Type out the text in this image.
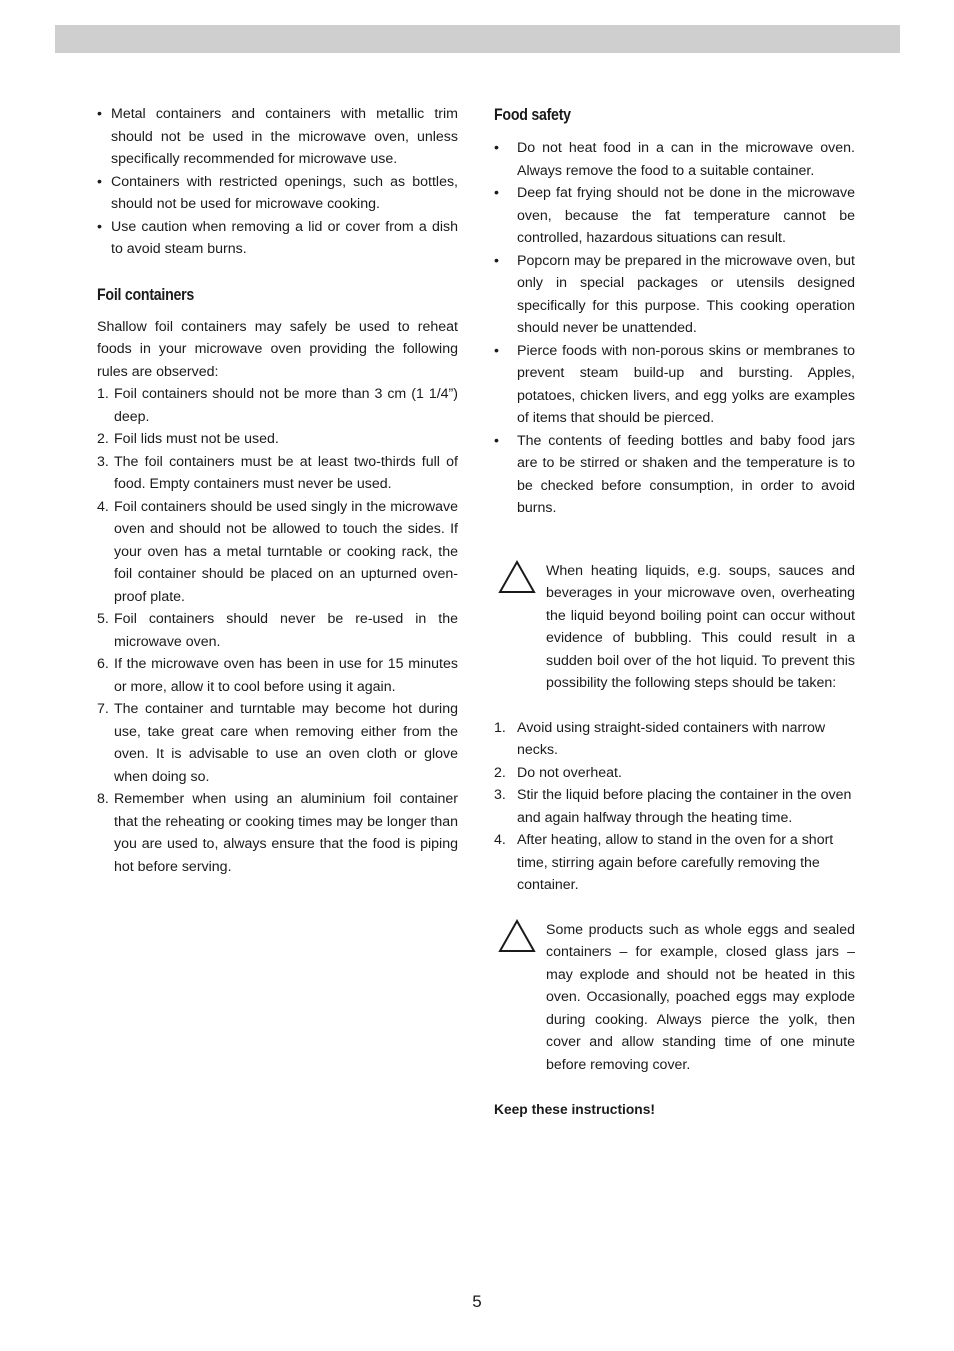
• Metal containers and containers with metallic trim should not be used in the microwave oven, unless specifically recommended for microwave use.
• Containers with restricted openings, such as bottles, should not be used for microwave cooking.
• Use caution when removing a lid or cover from a dish to avoid steam burns.
Foil containers
Shallow foil containers may safely be used to reheat foods in your microwave oven providing the following rules are observed:
1. Foil containers should not be more than 3 cm (1 1/4”) deep.
2. Foil lids must not be used.
3. The foil containers must be at least two-thirds full of food. Empty containers must never be used.
4. Foil containers should be used singly in the microwave oven and should not be allowed to touch the sides. If your oven has a metal turntable or cooking rack, the foil container should be placed on an upturned oven-proof plate.
5. Foil containers should never be re-used in the microwave oven.
6. If the microwave oven has been in use for 15 minutes or more, allow it to cool before using it again.
7. The container and turntable may become hot during use, take great care when removing either from the oven. It is advisable to use an oven cloth or glove when doing so.
8. Remember when using an aluminium foil container that the reheating or cooking times may be longer than you are used to, always ensure that the food is piping hot before serving.
Food safety
• Do not heat food in a can in the microwave oven. Always remove the food to a suitable container.
• Deep fat frying should not be done in the microwave oven, because the fat temperature cannot be controlled, hazardous situations can result.
• Popcorn may be prepared in the microwave oven, but only in special packages or utensils designed specifically for this purpose. This cooking operation should never be unattended.
• Pierce foods with non-porous skins or membranes to prevent steam build-up and bursting. Apples, potatoes, chicken livers, and egg yolks are examples of items that should be pierced.
• The contents of feeding bottles and baby food jars are to be stirred or shaken and the temperature is to be checked before consumption, in order to avoid burns.

When heating liquids, e.g. soups, sauces and beverages in your microwave oven, overheating the liquid beyond boiling point can occur without evidence of bubbling. This could result in a sudden boil over of the hot liquid. To prevent this possibility the following steps should be taken:

1. Avoid using straight-sided containers with narrow necks.
2. Do not overheat.
3. Stir the liquid before placing the container in the oven and again halfway through the heating time.
4. After heating, allow to stand in the oven for a short time, stirring again before carefully removing the container.

Some products such as whole eggs and sealed containers – for example, closed glass jars – may explode and should not be heated in this oven. Occasionally, poached eggs may explode during cooking. Always pierce the yolk, then cover and allow standing time of one minute before removing cover.

Keep these instructions!

5
